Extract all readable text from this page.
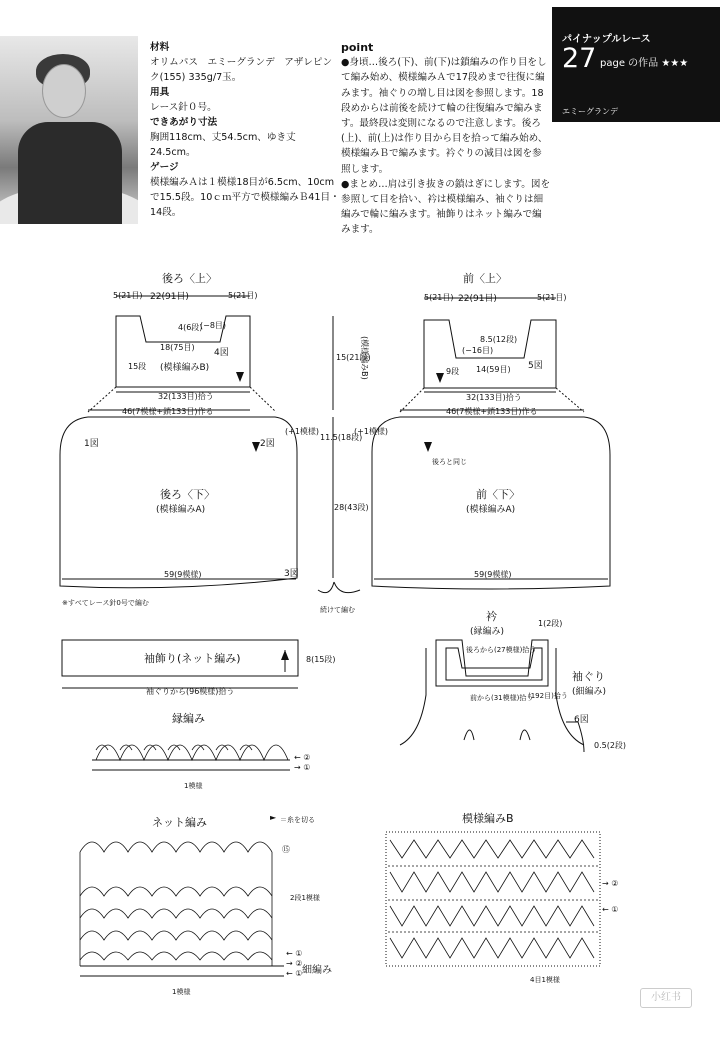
材料
オリムパス　エミーグランデ　アザレピンク(155) 335g/7玉。
用具
レース針０号。
できあがり寸法
胸囲118cm、丈54.5cm、ゆき丈24.5cm。
ゲージ
模様編みＡは１模様18目が6.5cm、10cmで15.5段。10ｃｍ平方で模様編みＢ41目・14段。
point
●身頃…後ろ(下)、前(下)は鎖編みの作り目をして編み始め、模様編みＡで17段めまで往復に編みます。袖ぐりの増し目は図を参照します。18段めからは前後を続けて輪の往復編みで編みます。最終段は変則になるので注意します。後ろ(上)、前(上)は作り目から目を拾って編み始め、模様編みＢで編みます。衿ぐりの減目は図を参照します。
●まとめ…肩は引き抜きの鎖はぎにします。図を参照して目を拾い、衿は模様編み、袖ぐりは細編みで輪に編みます。袖飾りはネット編みで編みます。
パイナップルレース
27 page の作品 ★★★
エミーグランデ
後ろ〈上〉	前〈上〉
22(91目)	22(91目)
5(21目)	5(21目)	5(21目)	5(21目)
(−8目)
4(6段)
18(75目)
4図
15段 (模様編みB)	(模様編みB)	8.5(12段)
(−16目)
14(59目) 5図
9段
32(133目)拾う	32(133目)拾う
15(21段)
46(7模様+鎖133目)作る	46(7模様+鎖133目)作る
(+1模様)	(+1模様)
1図	2図
3図
後ろと同じ
11.5(18段)
28(43段)
後ろ〈下〉
(模様編みA)
前〈下〉
(模様編みA)
59(9模様)	59(9模様)
続けて編む
※すべてレース針0号で編む
袖飾り(ネット編み)	8(15段)
袖ぐりから(96模様)拾う
衿
(縁編み)
1(2段)
後ろから(27模様)拾う
前から(31模様)拾う
袖ぐり
(細編み)
(192目)拾う
6図
0.5(2段)
縁編み
1模様
← ②
→ ①
ネット編み	► ＝糸を切る
⑮
2段1模様
← ①
→ ②
← ① 細編み
1模様
模様編みB
→ ②
← ①
4目1模様
小红书
